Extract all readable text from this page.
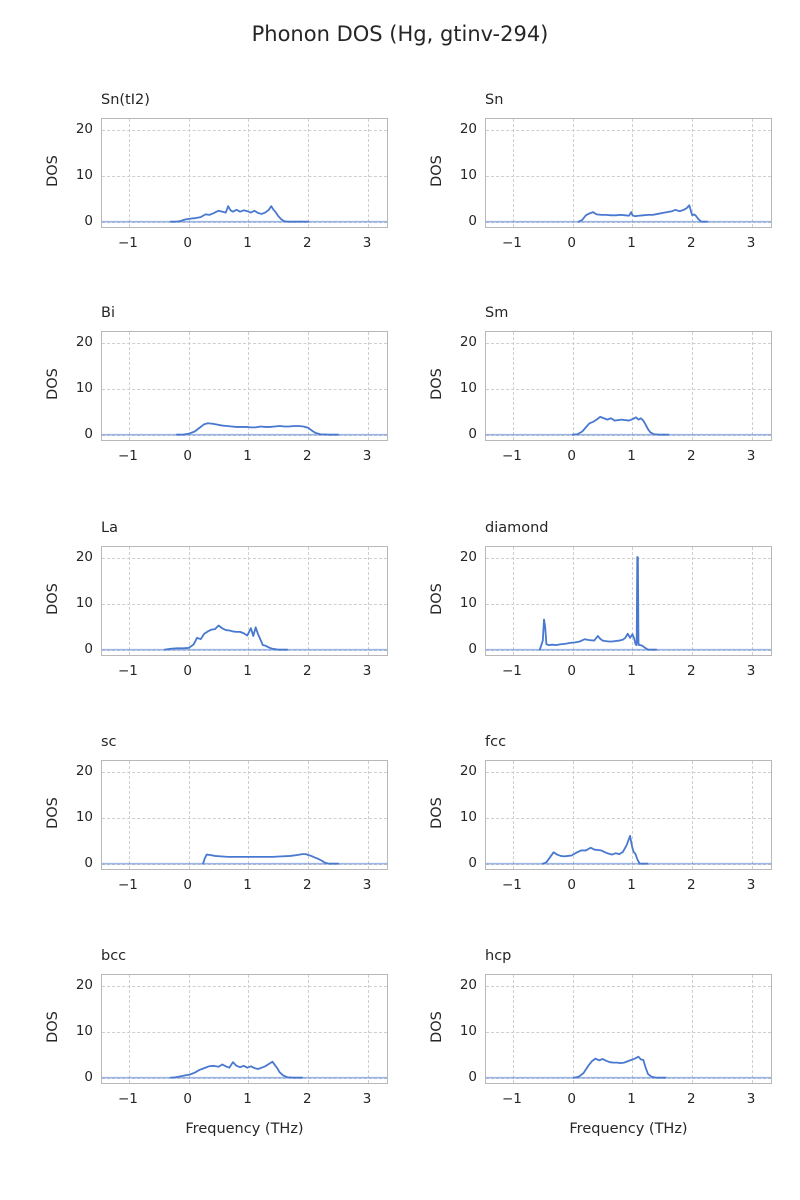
Phonon DOS (Hg, gtinv-294)
Sn(tI2)
0
10
20
−1	0	1	2	3
DOS
Sn
0
10
20
−1	0	1	2	3
DOS
Bi
0
10
20
−1	0	1	2	3
DOS
Sm
0
10
20
−1	0	1	2	3
DOS
La
0
10
20
−1	0	1	2	3
DOS
diamond
0
10
20
−1	0	1	2	3
DOS
sc
0
10
20
−1	0	1	2	3
DOS
fcc
0
10
20
−1	0	1	2	3
DOS
bcc
0
10
20
−1	0	1	2	3
DOS
Frequency (THz)
hcp
0
10
20
−1	0	1	2	3
DOS
Frequency (THz)
